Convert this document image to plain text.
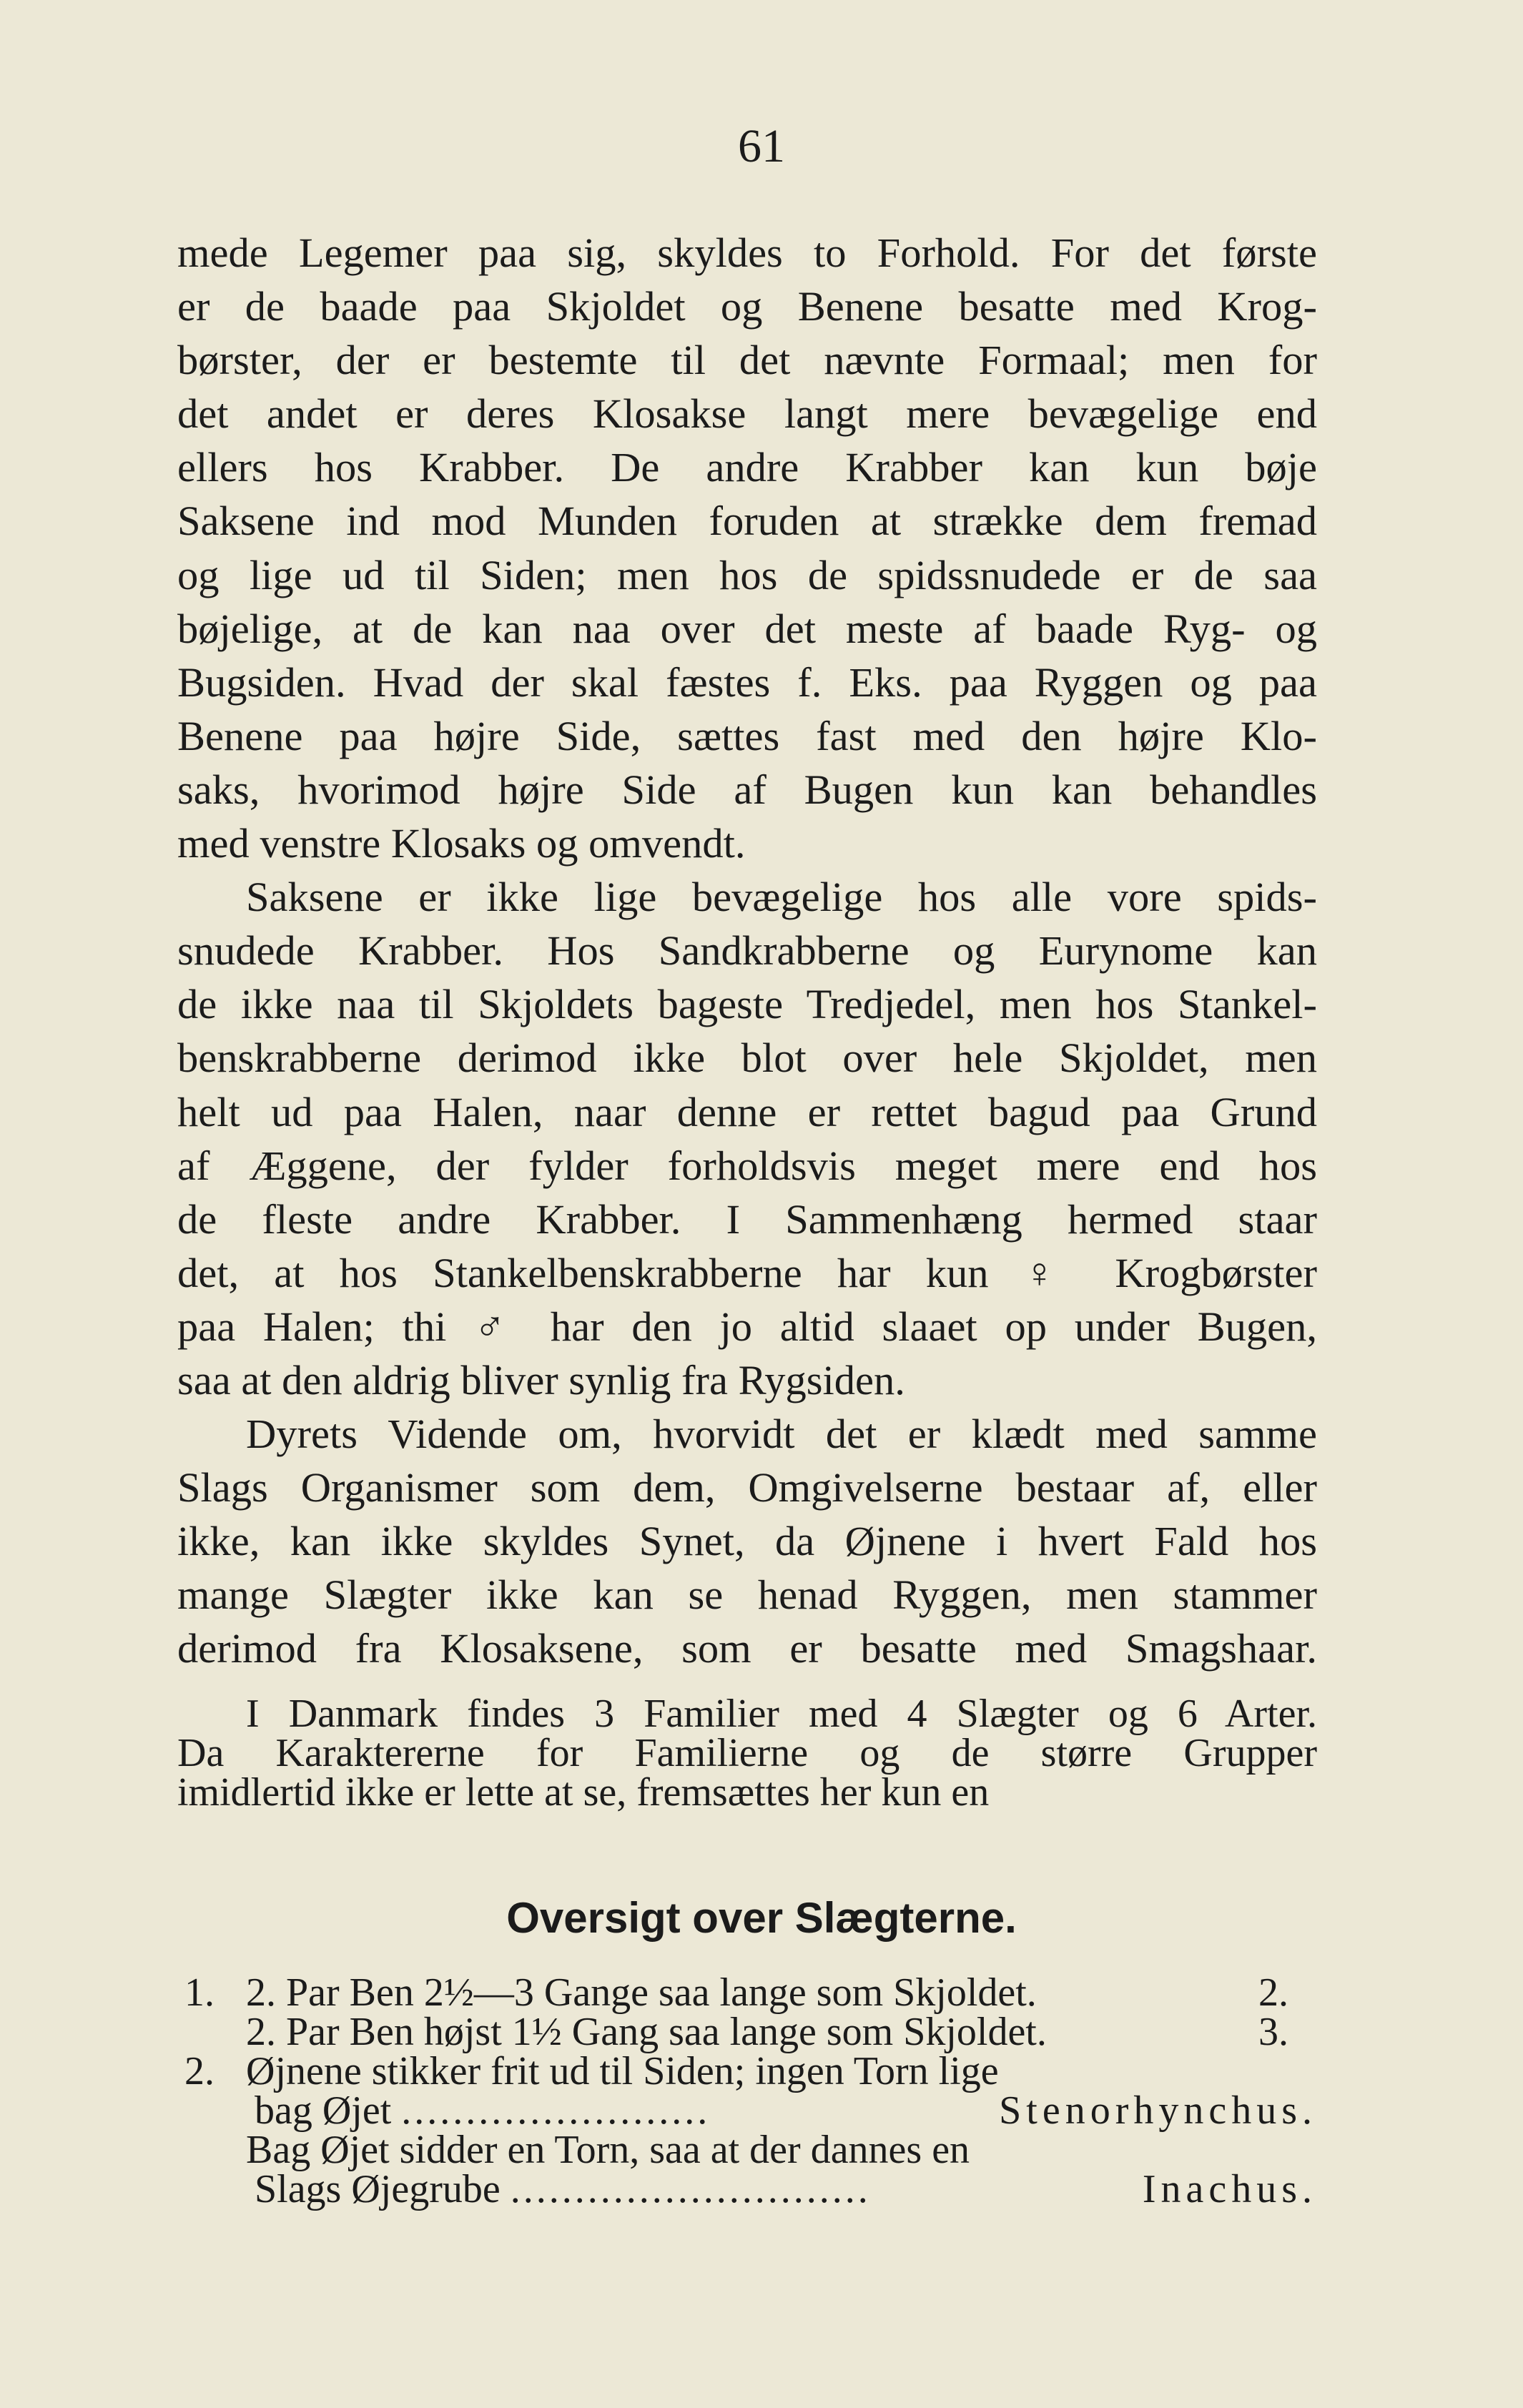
61
mede Legemer paa sig, skyldes to Forhold. For det første
er de baade paa Skjoldet og Benene besatte med Krog-
børster, der er bestemte til det nævnte Formaal; men for
det andet er deres Klosakse langt mere bevægelige end
ellers hos Krabber. De andre Krabber kan kun bøje
Saksene ind mod Munden foruden at strække dem fremad
og lige ud til Siden; men hos de spidssnudede er de saa
bøjelige, at de kan naa over det meste af baade Ryg- og
Bugsiden. Hvad der skal fæstes f. Eks. paa Ryggen og paa
Benene paa højre Side, sættes fast med den højre Klo-
saks, hvorimod højre Side af Bugen kun kan behandles
med venstre Klosaks og omvendt.
Saksene er ikke lige bevægelige hos alle vore spids-
snudede Krabber. Hos Sandkrabberne og Eurynome kan
de ikke naa til Skjoldets bageste Tredjedel, men hos Stankel-
benskrabberne derimod ikke blot over hele Skjoldet, men
helt ud paa Halen, naar denne er rettet bagud paa Grund
af Æggene, der fylder forholdsvis meget mere end hos
de fleste andre Krabber. I Sammenhæng hermed staar
det, at hos Stankelbenskrabberne har kun ♀ Krogbørster
paa Halen; thi ♂ har den jo altid slaaet op under Bugen,
saa at den aldrig bliver synlig fra Rygsiden.
Dyrets Vidende om, hvorvidt det er klædt med samme
Slags Organismer som dem, Omgivelserne bestaar af, eller
ikke, kan ikke skyldes Synet, da Øjnene i hvert Fald hos
mange Slægter ikke kan se henad Ryggen, men stammer
derimod fra Klosaksene, som er besatte med Smagshaar.
I Danmark findes 3 Familier med 4 Slægter og 6 Arter.
Da Karaktererne for Familierne og de større Grupper
imidlertid ikke er lette at se, fremsættes her kun en
Oversigt over Slægterne.
1. 2. Par Ben 2½—3 Gange saa lange som Skjoldet.	2.
2. Par Ben højst 1½ Gang saa lange som Skjoldet.	3.
2. Øjnene stikker frit ud til Siden; ingen Torn lige
bag Øjet ........................	Stenorhynchus.
Bag Øjet sidder en Torn, saa at der dannes en
Slags Øjegrube ............................	Inachus.
